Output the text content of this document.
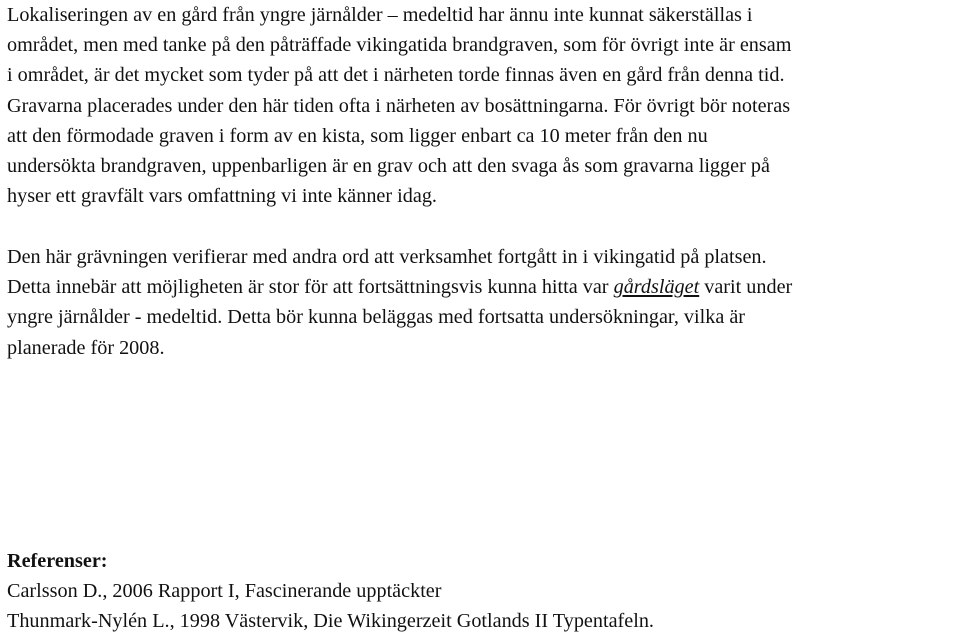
Lokaliseringen av en gård från yngre järnålder – medeltid har ännu inte kunnat säkerställas i
området, men med tanke på den påträffade vikingatida brandgraven, som för övrigt inte är ensam
i området, är det mycket som tyder på att det i närheten torde finnas även en gård från denna tid.
Gravarna placerades under den här tiden ofta i närheten av bosättningarna. För övrigt bör noteras
att den förmodade graven i form av en kista, som ligger enbart ca 10 meter från den nu
undersökta brandgraven, uppenbarligen är en grav och att den svaga ås som gravarna ligger på
hyser ett gravfält vars omfattning vi inte känner idag.

Den här grävningen verifierar med andra ord att verksamhet fortgått in i vikingatid på platsen.
Detta innebär att möjligheten är stor för att fortsättningsvis kunna hitta var gårdsläget varit under
yngre järnålder - medeltid. Detta bör kunna beläggas med fortsatta undersökningar, vilka är
planerade för 2008.

Referenser:
Carlsson D., 2006 Rapport I, Fascinerande upptäckter
Thunmark-Nylén L., 1998 Västervik, Die Wikingerzeit Gotlands II Typentafeln.
